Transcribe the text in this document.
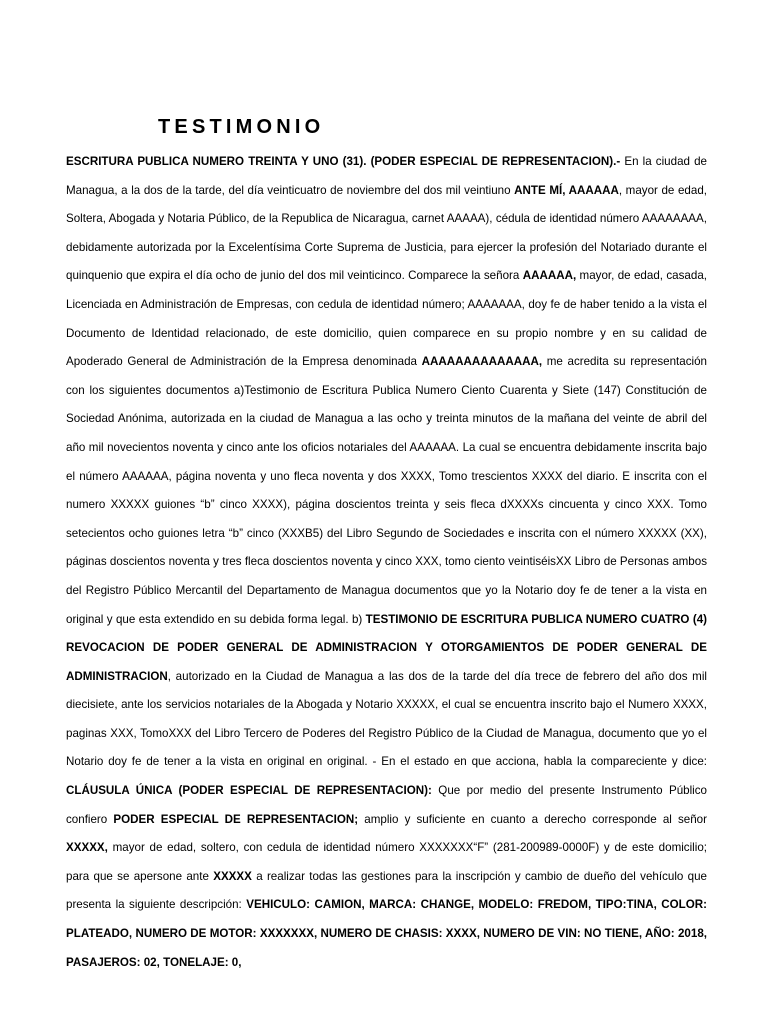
TESTIMONIO

ESCRITURA PUBLICA NUMERO TREINTA Y UNO (31). (PODER ESPECIAL DE REPRESENTACION).- En la ciudad de Managua, a la dos de la tarde, del día veinticuatro de noviembre del dos mil veintiuno ANTE MÍ, AAAAAA, mayor de edad, Soltera, Abogada y Notaria Público, de la Republica de Nicaragua, carnet AAAAA), cédula de identidad número AAAAAAAA, debidamente autorizada por la Excelentísima Corte Suprema de Justicia, para ejercer la profesión del Notariado durante el quinquenio que expira el día ocho de junio del dos mil veinticinco. Comparece la señora AAAAAA, mayor, de edad, casada, Licenciada en Administración de Empresas, con cedula de identidad número; AAAAAAA, doy fe de haber tenido a la vista el Documento de Identidad relacionado, de este domicilio, quien comparece en su propio nombre y en su calidad de Apoderado General de Administración de la Empresa denominada AAAAAAAAAAAAAA, me acredita su representación con los siguientes documentos a)Testimonio de Escritura Publica Numero Ciento Cuarenta y Siete (147) Constitución de Sociedad Anónima, autorizada en la ciudad de Managua a las ocho y treinta minutos de la mañana del veinte de abril del año mil novecientos noventa y cinco ante los oficios notariales del AAAAAA. La cual se encuentra debidamente inscrita bajo el número AAAAAA, página noventa y uno fleca noventa y dos XXXX, Tomo trescientos XXXX del diario. E inscrita con el numero XXXXX guiones “b” cinco XXXX), página doscientos treinta y seis fleca dXXXXs cincuenta y cinco XXX. Tomo setecientos ocho guiones letra “b” cinco (XXXB5) del Libro Segundo de Sociedades e inscrita con el número XXXXX (XX), páginas doscientos noventa y tres fleca doscientos noventa y cinco XXX, tomo ciento veintiséisXX Libro de Personas ambos del Registro Público Mercantil del Departamento de Managua documentos que yo la Notario doy fe de tener a la vista en original y que esta extendido en su debida forma legal. b) TESTIMONIO DE ESCRITURA PUBLICA NUMERO CUATRO (4) REVOCACION DE PODER GENERAL DE ADMINISTRACION Y OTORGAMIENTOS DE PODER GENERAL DE ADMINISTRACION, autorizado en la Ciudad de Managua a las dos de la tarde del día trece de febrero del año dos mil diecisiete, ante los servicios notariales de la Abogada y Notario XXXXX, el cual se encuentra inscrito bajo el Numero XXXX, paginas XXX, TomoXXX del Libro Tercero de Poderes del Registro Público de la Ciudad de Managua, documento que yo el Notario doy fe de tener a la vista en original en original. - En el estado en que acciona, habla la compareciente y dice: CLÁUSULA ÚNICA (PODER ESPECIAL DE REPRESENTACION): Que por medio del presente Instrumento Público confiero PODER ESPECIAL DE REPRESENTACION; amplio y suficiente en cuanto a derecho corresponde al señor XXXXX, mayor de edad, soltero, con cedula de identidad número XXXXXXX“F” (281-200989-0000F) y de este domicilio; para que se apersone ante XXXXX a realizar todas las gestiones para la inscripción y cambio de dueño del vehículo que presenta la siguiente descripción: VEHICULO: CAMION, MARCA: CHANGE, MODELO: FREDOM, TIPO:TINA, COLOR: PLATEADO, NUMERO DE MOTOR: XXXXXXX, NUMERO DE CHASIS: XXXX, NUMERO DE VIN: NO TIENE, AÑO: 2018, PASAJEROS: 02, TONELAJE: 0,
